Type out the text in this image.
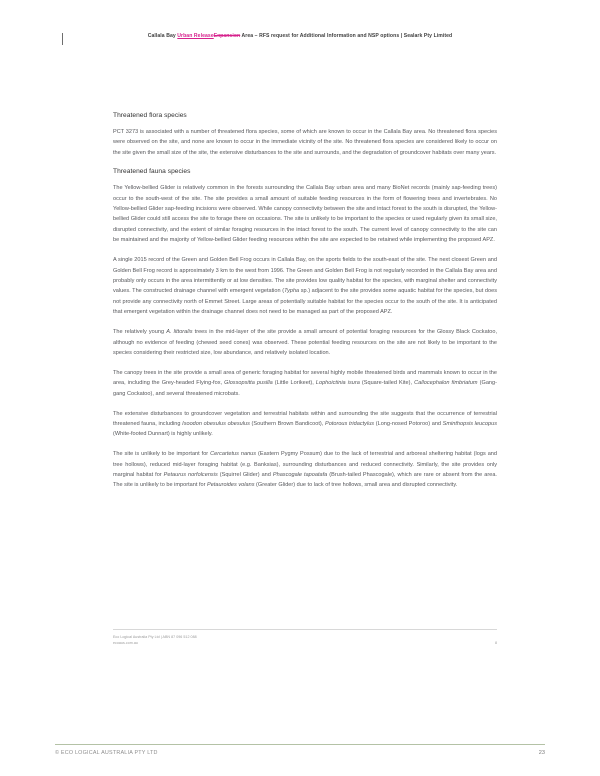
Callala Bay Urban ReleaseExpansion Area – RFS request for Additional Information and NSP options | Sealark Pty Limited
Threatened flora species

PCT 3273 is associated with a number of threatened flora species, some of which are known to occur in the Callala Bay area. No threatened flora species were observed on the site, and none are known to occur in the immediate vicinity of the site. No threatened flora species are considered likely to occur on the site given the small size of the site, the extensive disturbances to the site and surrounds, and the degradation of groundcover habitats over many years.

Threatened fauna species

The Yellow-bellied Glider is relatively common in the forests surrounding the Callala Bay urban area and many BioNet records (mainly sap-feeding trees) occur to the south-west of the site. The site provides a small amount of suitable feeding resources in the form of flowering trees and invertebrates. No Yellow-bellied Glider sap-feeding incisions were observed. While canopy connectivity between the site and intact forest to the south is disrupted, the Yellow-bellied Glider could still access the site to forage there on occasions. The site is unlikely to be important to the species or used regularly given its small size, disrupted connectivity, and the extent of similar foraging resources in the intact forest to the south. The current level of canopy connectivity to the site can be maintained and the majority of Yellow-bellied Glider feeding resources within the site are expected to be retained while implementing the proposed APZ.

A single 2015 record of the Green and Golden Bell Frog occurs in Callala Bay, on the sports fields to the south-east of the site. The next closest Green and Golden Bell Frog record is approximately 3 km to the west from 1996. The Green and Golden Bell Frog is not regularly recorded in the Callala Bay area and probably only occurs in the area intermittently or at low densities. The site provides low quality habitat for the species, with marginal shelter and connectivity values. The constructed drainage channel with emergent vegetation (Typha sp.) adjacent to the site provides some aquatic habitat for the species, but does not provide any connectivity north of Emmet Street. Large areas of potentially suitable habitat for the species occur to the south of the site. It is anticipated that emergent vegetation within the drainage channel does not need to be managed as part of the proposed APZ.

The relatively young A. littoralis trees in the mid-layer of the site provide a small amount of potential foraging resources for the Glossy Black Cockatoo, although no evidence of feeding (chewed seed cones) was observed. These potential feeding resources on the site are not likely to be important to the species considering their restricted size, low abundance, and relatively isolated location.

The canopy trees in the site provide a small area of generic foraging habitat for several highly mobile threatened birds and mammals known to occur in the area, including the Grey-headed Flying-fox, Glossopsitta pusilla (Little Lorikeet), Lophoictinia isura (Square-tailed Kite), Callocephalon fimbriatum (Gang-gang Cockatoo), and several threatened microbats.

The extensive disturbances to groundcover vegetation and terrestrial habitats within and surrounding the site suggests that the occurrence of terrestrial threatened fauna, including Isoodon obesulus obesulus (Southern Brown Bandicoot), Potorous tridactylus (Long-nosed Potoroo) and Sminthopsis leucopus (White-footed Dunnart) is highly unlikely.

The site is unlikely to be important for Cercartetus nanus (Eastern Pygmy Possum) due to the lack of terrestrial and arboreal sheltering habitat (logs and tree hollows), reduced mid-layer foraging habitat (e.g. Banksias), surrounding disturbances and reduced connectivity. Similarly, the site provides only marginal habitat for Petaurus norfolcensis (Squirrel Glider) and Phascogale tapoatafa (Brush-tailed Phascogale), which are rare or absent from the area. The site is unlikely to be important for Petauroides volans (Greater Glider) due to lack of tree hollows, small area and disrupted connectivity.

Eco Logical Australia Pty Ltd | ABN 87 096 512 088
ecoaus.com.au	8
© ECO LOGICAL AUSTRALIA PTY LTD	23
